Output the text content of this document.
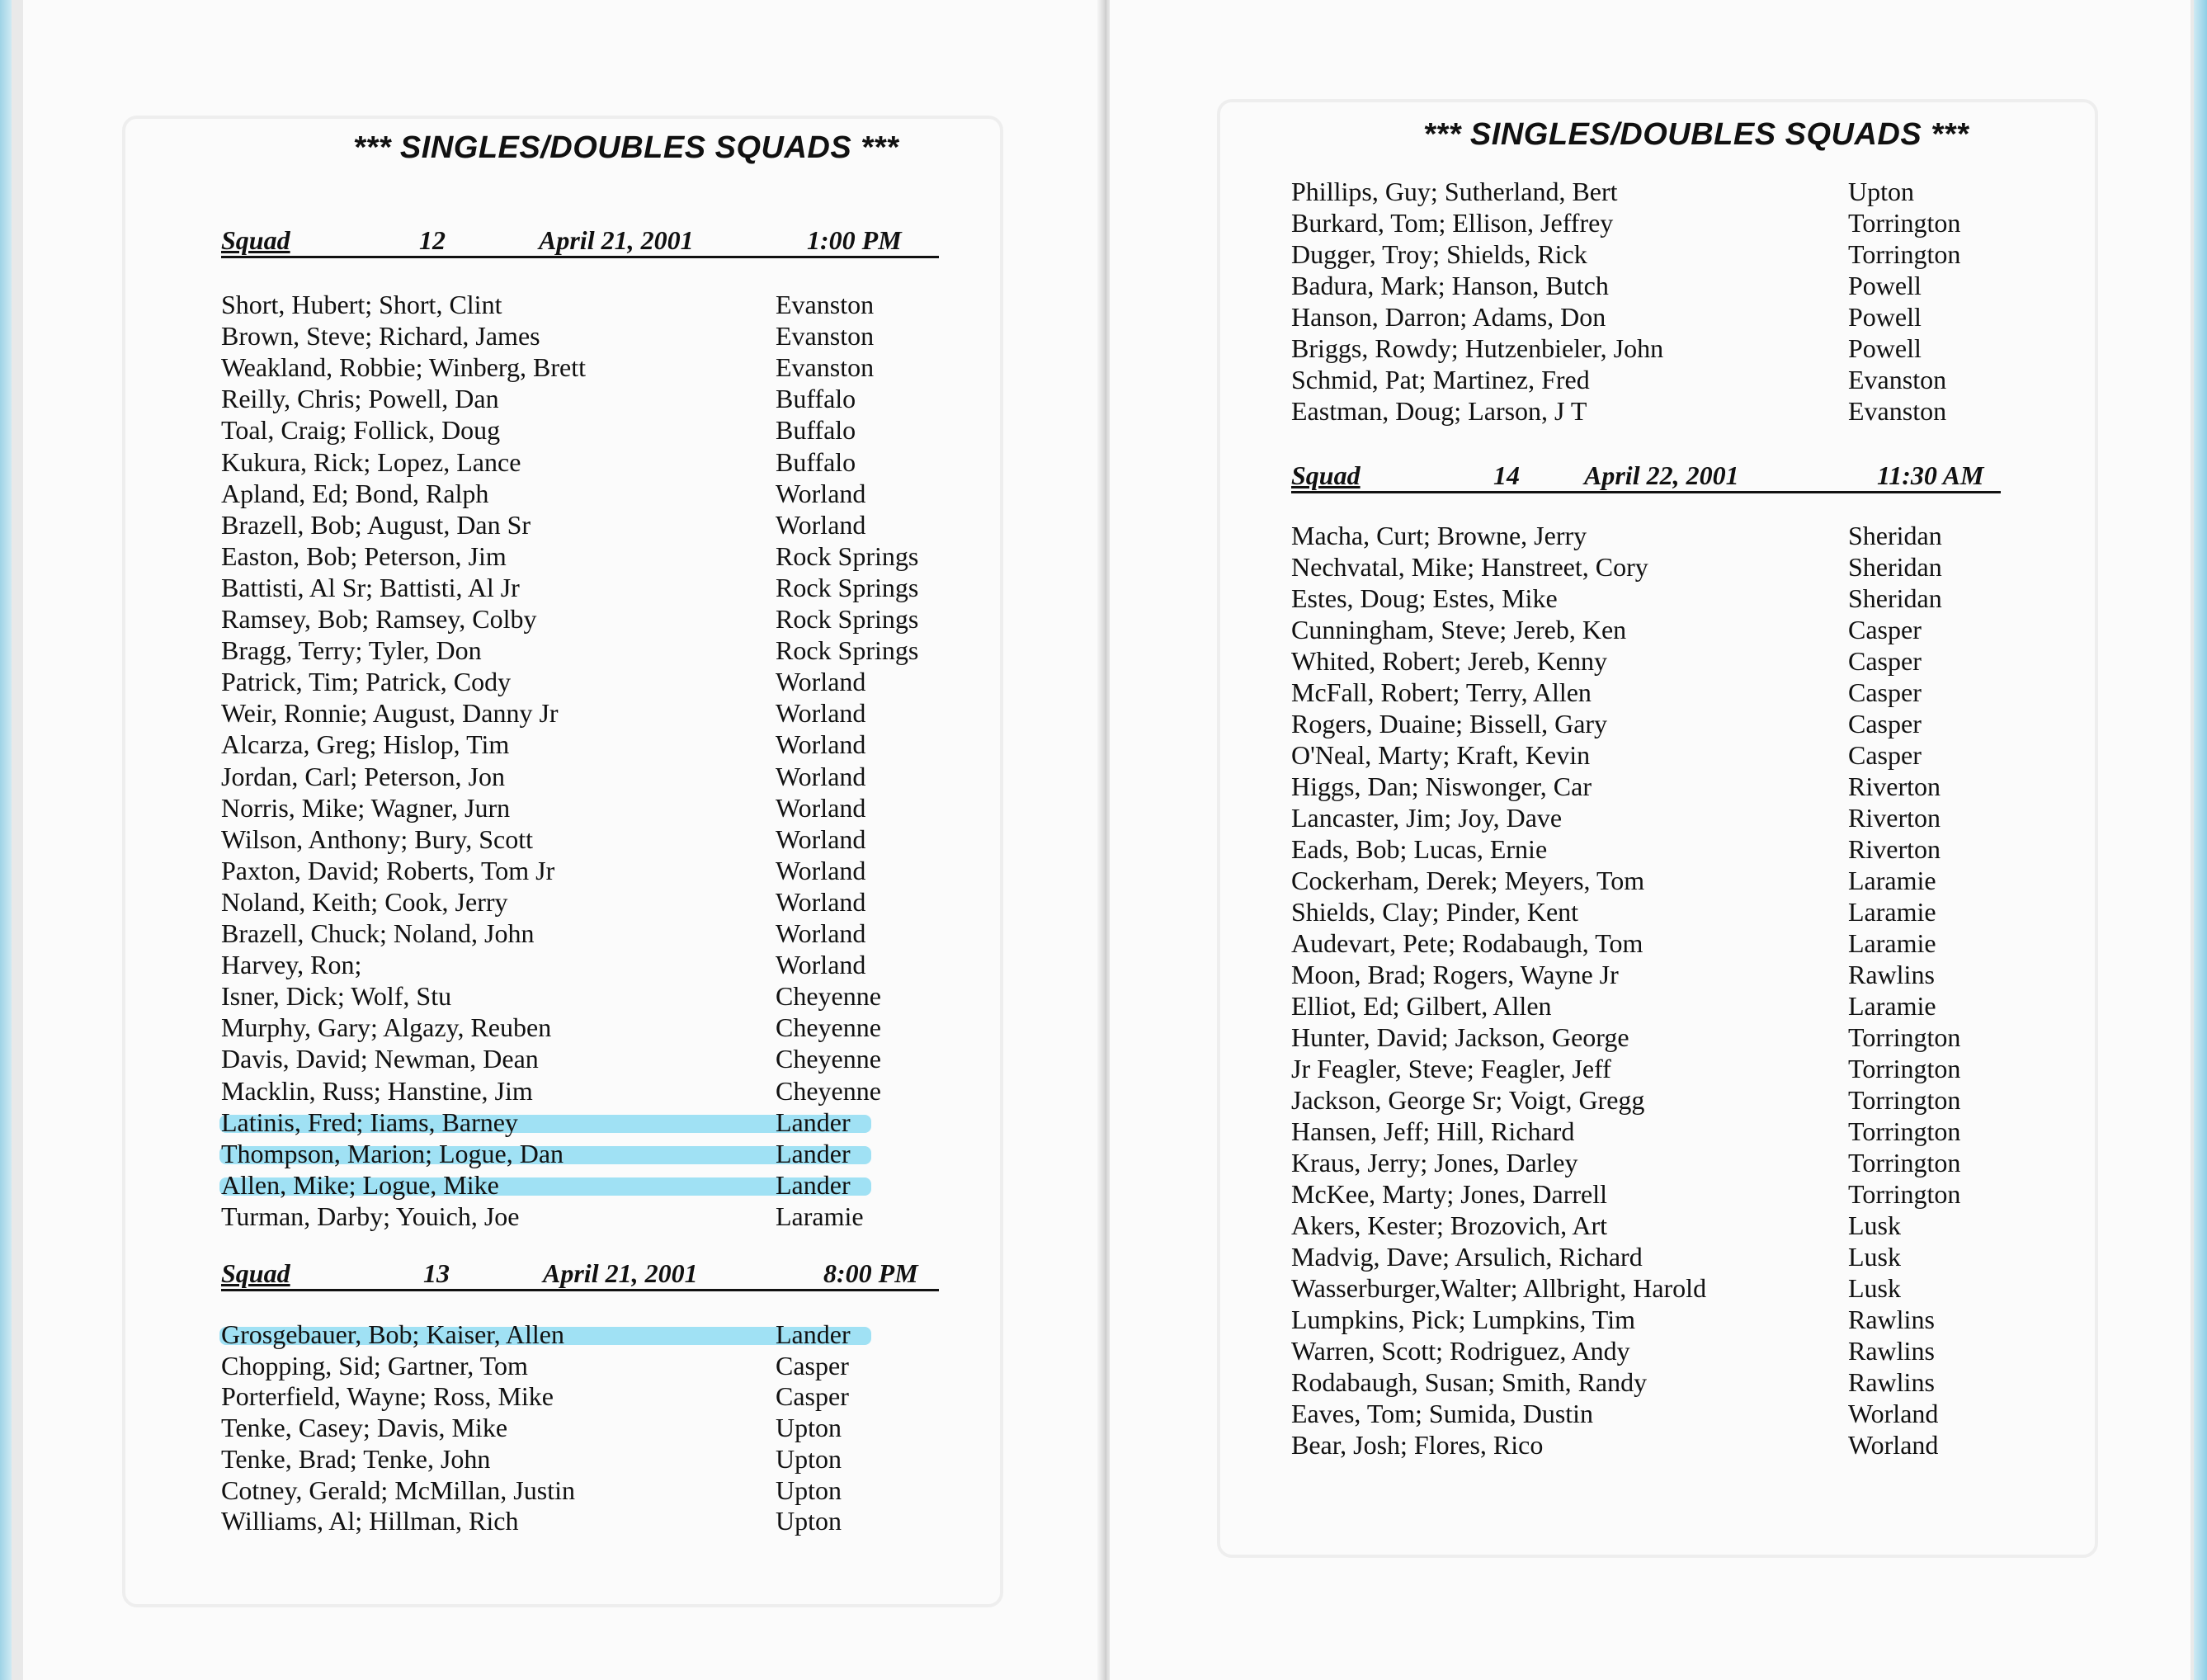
*** SINGLES/DOUBLES SQUADS ***
Squad	12	April 21, 2001	1:00 PM
Short, Hubert; Short, Clint	Evanston
Brown, Steve; Richard, James	Evanston
Weakland, Robbie; Winberg, Brett	Evanston
Reilly, Chris; Powell, Dan	Buffalo
Toal, Craig; Follick, Doug	Buffalo
Kukura, Rick; Lopez, Lance	Buffalo
Apland, Ed; Bond, Ralph	Worland
Brazell, Bob; August, Dan Sr	Worland
Easton, Bob; Peterson, Jim	Rock Springs
Battisti, Al Sr; Battisti, Al Jr	Rock Springs
Ramsey, Bob; Ramsey, Colby	Rock Springs
Bragg, Terry; Tyler, Don	Rock Springs
Patrick, Tim; Patrick, Cody	Worland
Weir, Ronnie; August, Danny Jr	Worland
Alcarza, Greg; Hislop, Tim	Worland
Jordan, Carl; Peterson, Jon	Worland
Norris, Mike; Wagner, Jurn	Worland
Wilson, Anthony; Bury, Scott	Worland
Paxton, David; Roberts, Tom Jr	Worland
Noland, Keith; Cook, Jerry	Worland
Brazell, Chuck; Noland, John	Worland
Harvey, Ron;	Worland
Isner, Dick; Wolf, Stu	Cheyenne
Murphy, Gary; Algazy, Reuben	Cheyenne
Davis, David; Newman, Dean	Cheyenne
Macklin, Russ; Hanstine, Jim	Cheyenne
Latinis, Fred; Iiams, Barney	Lander
Thompson, Marion; Logue, Dan	Lander
Allen, Mike; Logue, Mike	Lander
Turman, Darby; Youich, Joe	Laramie
Squad	13	April 21, 2001	8:00 PM
Grosgebauer, Bob; Kaiser, Allen	Lander
Chopping, Sid; Gartner, Tom	Casper
Porterfield, Wayne; Ross, Mike	Casper
Tenke, Casey; Davis, Mike	Upton
Tenke, Brad; Tenke, John	Upton
Cotney, Gerald; McMillan, Justin	Upton
Williams, Al; Hillman, Rich	Upton
*** SINGLES/DOUBLES SQUADS ***
Phillips, Guy; Sutherland, Bert	Upton
Burkard, Tom; Ellison, Jeffrey	Torrington
Dugger, Troy; Shields, Rick	Torrington
Badura, Mark; Hanson, Butch	Powell
Hanson, Darron; Adams, Don	Powell
Briggs, Rowdy; Hutzenbieler, John	Powell
Schmid, Pat; Martinez, Fred	Evanston
Eastman, Doug; Larson, J T	Evanston
Squad	14 April 22, 2001	11:30 AM
Macha, Curt; Browne, Jerry	Sheridan
Nechvatal, Mike; Hanstreet, Cory	Sheridan
Estes, Doug; Estes, Mike	Sheridan
Cunningham, Steve; Jereb, Ken	Casper
Whited, Robert; Jereb, Kenny	Casper
McFall, Robert; Terry, Allen	Casper
Rogers, Duaine; Bissell, Gary	Casper
O'Neal, Marty; Kraft, Kevin	Casper
Higgs, Dan; Niswonger, Car	Riverton
Lancaster, Jim; Joy, Dave	Riverton
Eads, Bob; Lucas, Ernie	Riverton
Cockerham, Derek; Meyers, Tom	Laramie
Shields, Clay; Pinder, Kent	Laramie
Audevart, Pete; Rodabaugh, Tom	Laramie
Moon, Brad; Rogers, Wayne Jr	Rawlins
Elliot, Ed; Gilbert, Allen	Laramie
Hunter, David; Jackson, George	Torrington
Jr Feagler, Steve; Feagler, Jeff	Torrington
Jackson, George Sr; Voigt, Gregg	Torrington
Hansen, Jeff; Hill, Richard	Torrington
Kraus, Jerry; Jones, Darley	Torrington
McKee, Marty; Jones, Darrell	Torrington
Akers, Kester; Brozovich, Art	Lusk
Madvig, Dave; Arsulich, Richard	Lusk
Wasserburger,Walter; Allbright, Harold	Lusk
Lumpkins, Pick; Lumpkins, Tim	Rawlins
Warren, Scott; Rodriguez, Andy	Rawlins
Rodabaugh, Susan; Smith, Randy	Rawlins
Eaves, Tom; Sumida, Dustin	Worland
Bear, Josh; Flores, Rico	Worland
